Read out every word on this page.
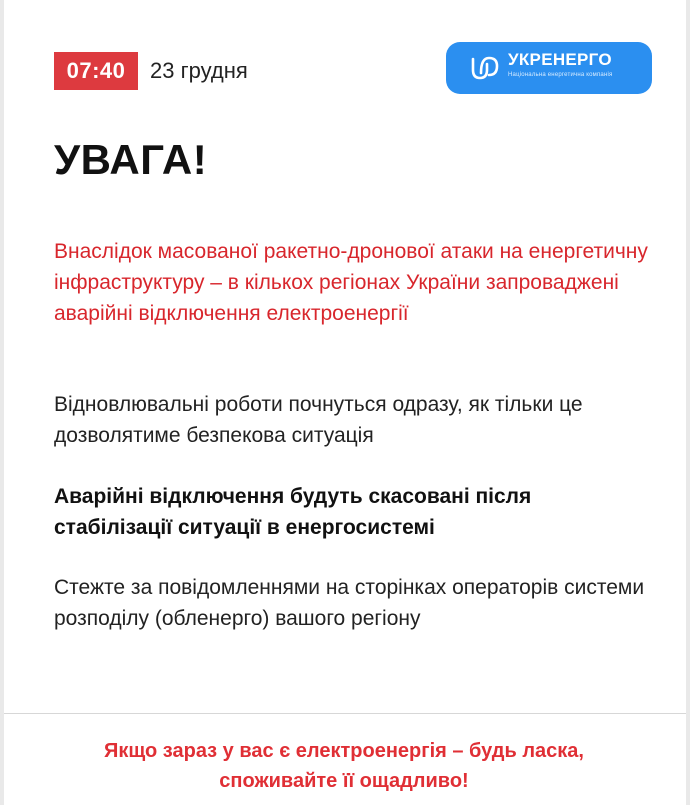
07:40	23 грудня	УКРЕНЕРГО
Національна енергетична компанія
УВАГА!

Внаслідок масованої ракетно-дронової атаки на енергетичну інфраструктуру – в кількох регіонах України запроваджені аварійні відключення електроенергії

Відновлювальні роботи почнуться одразу, як тільки це дозволятиме безпекова ситуація

Аварійні відключення будуть скасовані після стабілізації ситуації в енергосистемі

Стежте за повідомленнями на сторінках операторів системи розподілу (обленерго) вашого регіону

Якщо зараз у вас є електроенергія – будь ласка,
споживайте її ощадливо!
